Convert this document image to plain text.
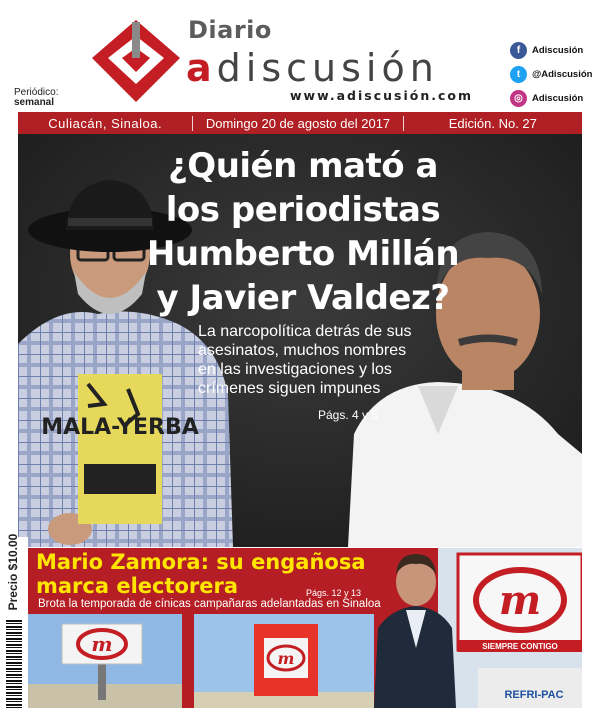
Diario
adiscusión
www.adiscusión.com
Periódico:
semanal
f	Adiscusión
t	@Adiscusión
◎ Adiscusión
Culiacán, Sinaloa.	Domingo 20 de agosto del 2017	Edición. No. 27
MALA-YERBA
¿Quién mató a los periodistas Humberto Millán y Javier Valdez?
La narcopolítica detrás de sus asesinatos, muchos nombres en las investigaciones y los crímenes siguen impunes
Págs. 4 y 5
Precio $10.00 Mario Zamora: su engañosa marca electorera	Págs. 12 y 13
Brota la temporada de cínicas campañaras adelantadas en Sinaloa
m
m
m
SIEMPRE CONTIGO
REFRI-PAC
